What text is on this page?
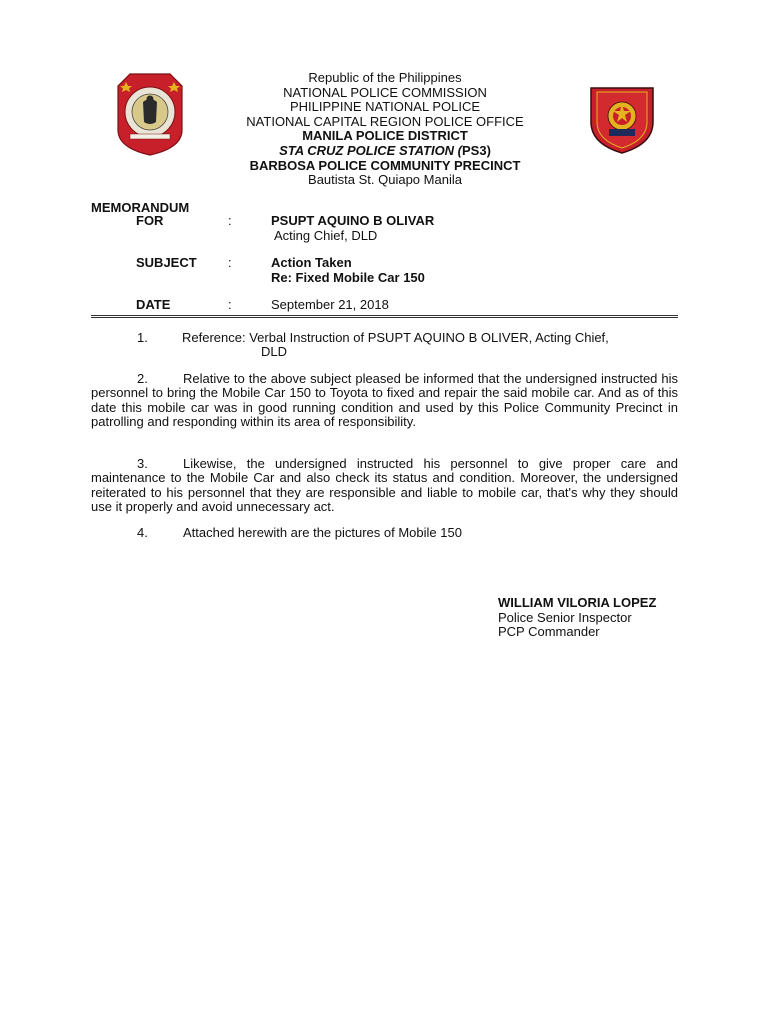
Republic of the Philippines
NATIONAL POLICE COMMISSION
PHILIPPINE NATIONAL POLICE
NATIONAL CAPITAL REGION POLICE OFFICE
MANILA POLICE DISTRICT
STA CRUZ POLICE STATION (PS3)
BARBOSA POLICE COMMUNITY PRECINCT
Bautista St. Quiapo Manila
MEMORANDUM
FOR	:	PSUPT AQUINO B OLIVAR
Acting Chief, DLD
SUBJECT :	Action Taken
Re: Fixed Mobile Car 150
DATE	:	September 21, 2018
1.	Reference: Verbal Instruction of PSUPT AQUINO B OLIVER, Acting Chief,
DLD
2.	Relative to the above subject pleased be informed that the undersigned instructed his personnel to bring the Mobile Car 150 to Toyota to fixed and repair the said mobile car. And as of this date this mobile car was in good running condition and used by this Police Community Precinct in patrolling and responding within its area of responsibility.
3.	Likewise, the undersigned instructed his personnel to give proper care and maintenance to the Mobile Car and also check its status and condition. Moreover, the undersigned reiterated to his personnel that they are responsible and liable to mobile car, that's why they should use it properly and avoid unnecessary act.
4.	Attached herewith are the pictures of Mobile 150
WILLIAM VILORIA LOPEZ
Police Senior Inspector
PCP Commander
